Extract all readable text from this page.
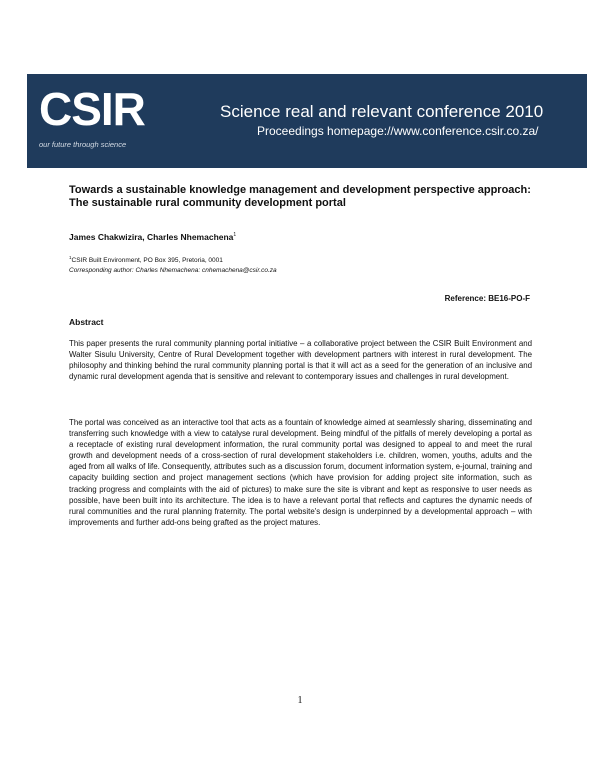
CSIR
our future through science
Science real and relevant conference 2010
Proceedings homepage://www.conference.csir.co.za/
Towards a sustainable knowledge management and development perspective approach: The sustainable rural community development portal
James Chakwizira, Charles Nhemachena$^1$
$^1$CSIR Built Environment, PO Box 395, Pretoria, 0001
Corresponding author: Charles Nhemachena: cnhemachena@csir.co.za
Reference: BE16-PO-F
Abstract

This paper presents the rural community planning portal initiative – a collaborative project between the CSIR Built Environment and Walter Sisulu University, Centre of Rural Development together with development partners with interest in rural development. The philosophy and thinking behind the rural community planning portal is that it will act as a seed for the generation of an inclusive and dynamic rural development agenda that is sensitive and relevant to contemporary issues and challenges in rural development.

The portal was conceived as an interactive tool that acts as a fountain of knowledge aimed at seamlessly sharing, disseminating and transferring such knowledge with a view to catalyse rural development. Being mindful of the pitfalls of merely developing a portal as a receptacle of existing rural development information, the rural community portal was designed to appeal to and meet the rural growth and development needs of a cross-section of rural development stakeholders i.e. children, women, youths, adults and the aged from all walks of life. Consequently, attributes such as a discussion forum, document information system, e-journal, training and capacity building section and project management sections (which have provision for adding project site information, such as tracking progress and complaints with the aid of pictures) to make sure the site is vibrant and kept as responsive to user needs as possible, have been built into its architecture. The idea is to have a relevant portal that reflects and captures the dynamic needs of rural communities and the rural planning fraternity. The portal website's design is underpinned by a developmental approach – with improvements and further add-ons being grafted as the project matures.

1
